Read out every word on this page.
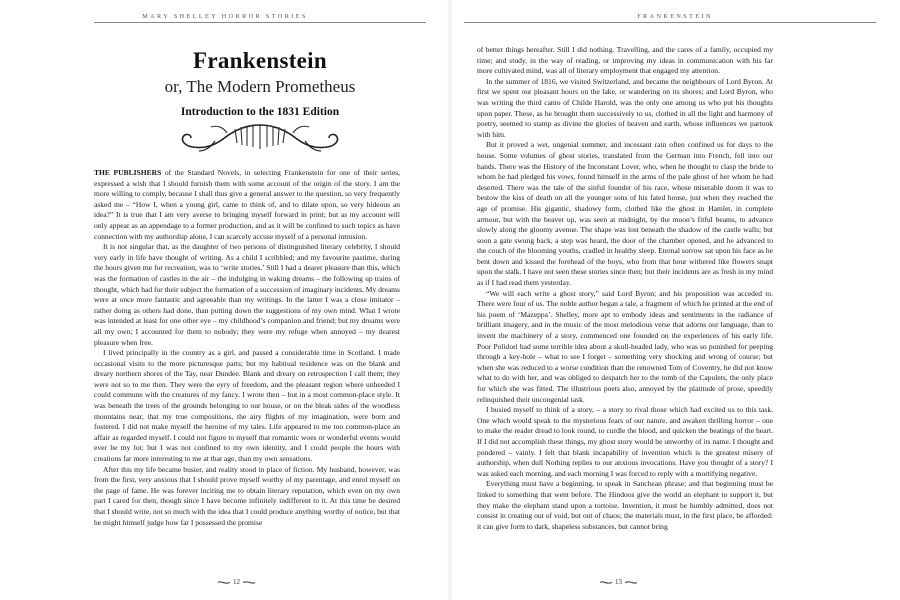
MARY SHELLEY HORROR STORIES
Frankenstein
or, The Modern Prometheus
Introduction to the 1831 Edition

THE PUBLISHERS of the Standard Novels, in selecting Frankenstein for one of their series, expressed a wish that I should furnish them with some account of the origin of the story. I am the more willing to comply, because I shall thus give a general answer to the question, so very frequently asked me – “How I, when a young girl, came to think of, and to dilate upon, so very hideous an idea?” It is true that I am very averse to bringing myself forward in print; but as my account will only appear as an appendage to a former production, and as it will be confined to such topics as have connection with my authorship alone, I can scarcely accuse myself of a personal intrusion.

It is not singular that, as the daughter of two persons of distinguished literary celebrity, I should very early in life have thought of writing. As a child I scribbled; and my favourite pastime, during the hours given me for recreation, was to ‘write stories.’ Still I had a dearer pleasure than this, which was the formation of castles in the air – the indulging in waking dreams – the following up trains of thought, which had for their subject the formation of a succession of imaginary incidents. My dreams were at once more fantastic and agreeable than my writings. In the latter I was a close imitator – rather doing as others had done, than putting down the suggestions of my own mind. What I wrote was intended at least for one other eye – my childhood’s companion and friend; but my dreams were all my own; I accounted for them to nobody; they were my refuge when annoyed – my dearest pleasure when free.

I lived principally in the country as a girl, and passed a considerable time in Scotland. I made occasional visits to the more picturesque parts; but my habitual residence was on the blank and dreary northern shores of the Tay, near Dundee. Blank and dreary on retrospection I call them; they were not so to me then. They were the eyry of freedom, and the pleasant region where unheeded I could commune with the creatures of my fancy. I wrote then – but in a most common-place style. It was beneath the trees of the grounds belonging to our house, or on the bleak sides of the woodless mountains near, that my true compositions, the airy flights of my imagination, were born and fostered. I did not make myself the heroine of my tales. Life appeared to me too common-place an affair as regarded myself. I could not figure to myself that romantic woes or wonderful events would ever be my lot; but I was not confined to my own identity, and I could people the hours with creations far more interesting to me at that age, than my own sensations.

After this my life became busier, and reality stood in place of fiction. My husband, however, was from the first, very anxious that I should prove myself worthy of my parentage, and enrol myself on the page of fame. He was forever inciting me to obtain literary reputation, which even on my own part I cared for then, though since I have become infinitely indifferent to it. At this time he desired that I should write, not so much with the idea that I could produce anything worthy of notice, but that he might himself judge how far I possessed the promise

12
FRANKENSTEIN

of better things hereafter. Still I did nothing. Travelling, and the cares of a family, occupied my time; and study, in the way of reading, or improving my ideas in communication with his far more cultivated mind, was all of literary employment that engaged my attention.

In the summer of 1816, we visited Switzerland, and became the neighbours of Lord Byron. At first we spent our pleasant hours on the lake, or wandering on its shores; and Lord Byron, who was writing the third canto of Childe Harold, was the only one among us who put his thoughts upon paper. These, as he brought them successively to us, clothed in all the light and harmony of poetry, seemed to stamp as divine the glories of heaven and earth, whose influences we partook with him.

But it proved a wet, ungenial summer, and incessant rain often confined us for days to the house. Some volumes of ghost stories, translated from the German into French, fell into our hands. There was the History of the Inconstant Lover, who, when he thought to clasp the bride to whom he had pledged his vows, found himself in the arms of the pale ghost of her whom he had deserted. There was the tale of the sinful founder of his race, whose miserable doom it was to bestow the kiss of death on all the younger sons of his fated house, just when they reached the age of promise. His gigantic, shadowy form, clothed like the ghost in Hamlet, in complete armour, but with the beaver up, was seen at midnight, by the moon’s fitful beams, to advance slowly along the gloomy avenue. The shape was lost beneath the shadow of the castle walls; but soon a gate swung back, a step was heard, the door of the chamber opened, and he advanced to the couch of the blooming youths, cradled in healthy sleep. Eternal sorrow sat upon his face as he bent down and kissed the forehead of the boys, who from that hour withered like flowers snapt upon the stalk. I have not seen these stories since then; but their incidents are as fresh in my mind as if I had read them yesterday.

“We will each write a ghost story,” said Lord Byron; and his proposition was acceded to. There were four of us. The noble author began a tale, a fragment of which he printed at the end of his poem of ‘Mazeppa’. Shelley, more apt to embody ideas and sentiments in the radiance of brilliant imagery, and in the music of the most melodious verse that adorns our language, than to invent the machinery of a story, commenced one founded on the experiences of his early life. Poor Polidori had some terrible idea about a skull-headed lady, who was so punished for peeping through a key-hole – what to see I forget – something very shocking and wrong of course; but when she was reduced to a worse condition than the renowned Tom of Coventry, he did not know what to do with her, and was obliged to despatch her to the tomb of the Capulets, the only place for which she was fitted. The illustrious poets also, annoyed by the platitude of prose, speedily relinquished their uncongenial task.

I busied myself to think of a story, – a story to rival those which had excited us to this task. One which would speak to the mysterious fears of our nature, and awaken thrilling horror – one to make the reader dread to look round, to curdle the blood, and quicken the beatings of the heart. If I did not accomplish these things, my ghost story would be unworthy of its name. I thought and pondered – vainly. I felt that blank incapability of invention which is the greatest misery of authorship, when dull Nothing replies to our anxious invocations. Have you thought of a story? I was asked each morning, and each morning I was forced to reply with a mortifying negative.

Everything must have a beginning, to speak in Sanchean phrase; and that beginning must be linked to something that went before. The Hindoos give the world an elephant to support it, but they make the elephant stand upon a tortoise. Invention, it must be humbly admitted, does not consist in creating out of void, but out of chaos; the materials must, in the first place, be afforded: it can give form to dark, shapeless substances, but cannot bring

13
